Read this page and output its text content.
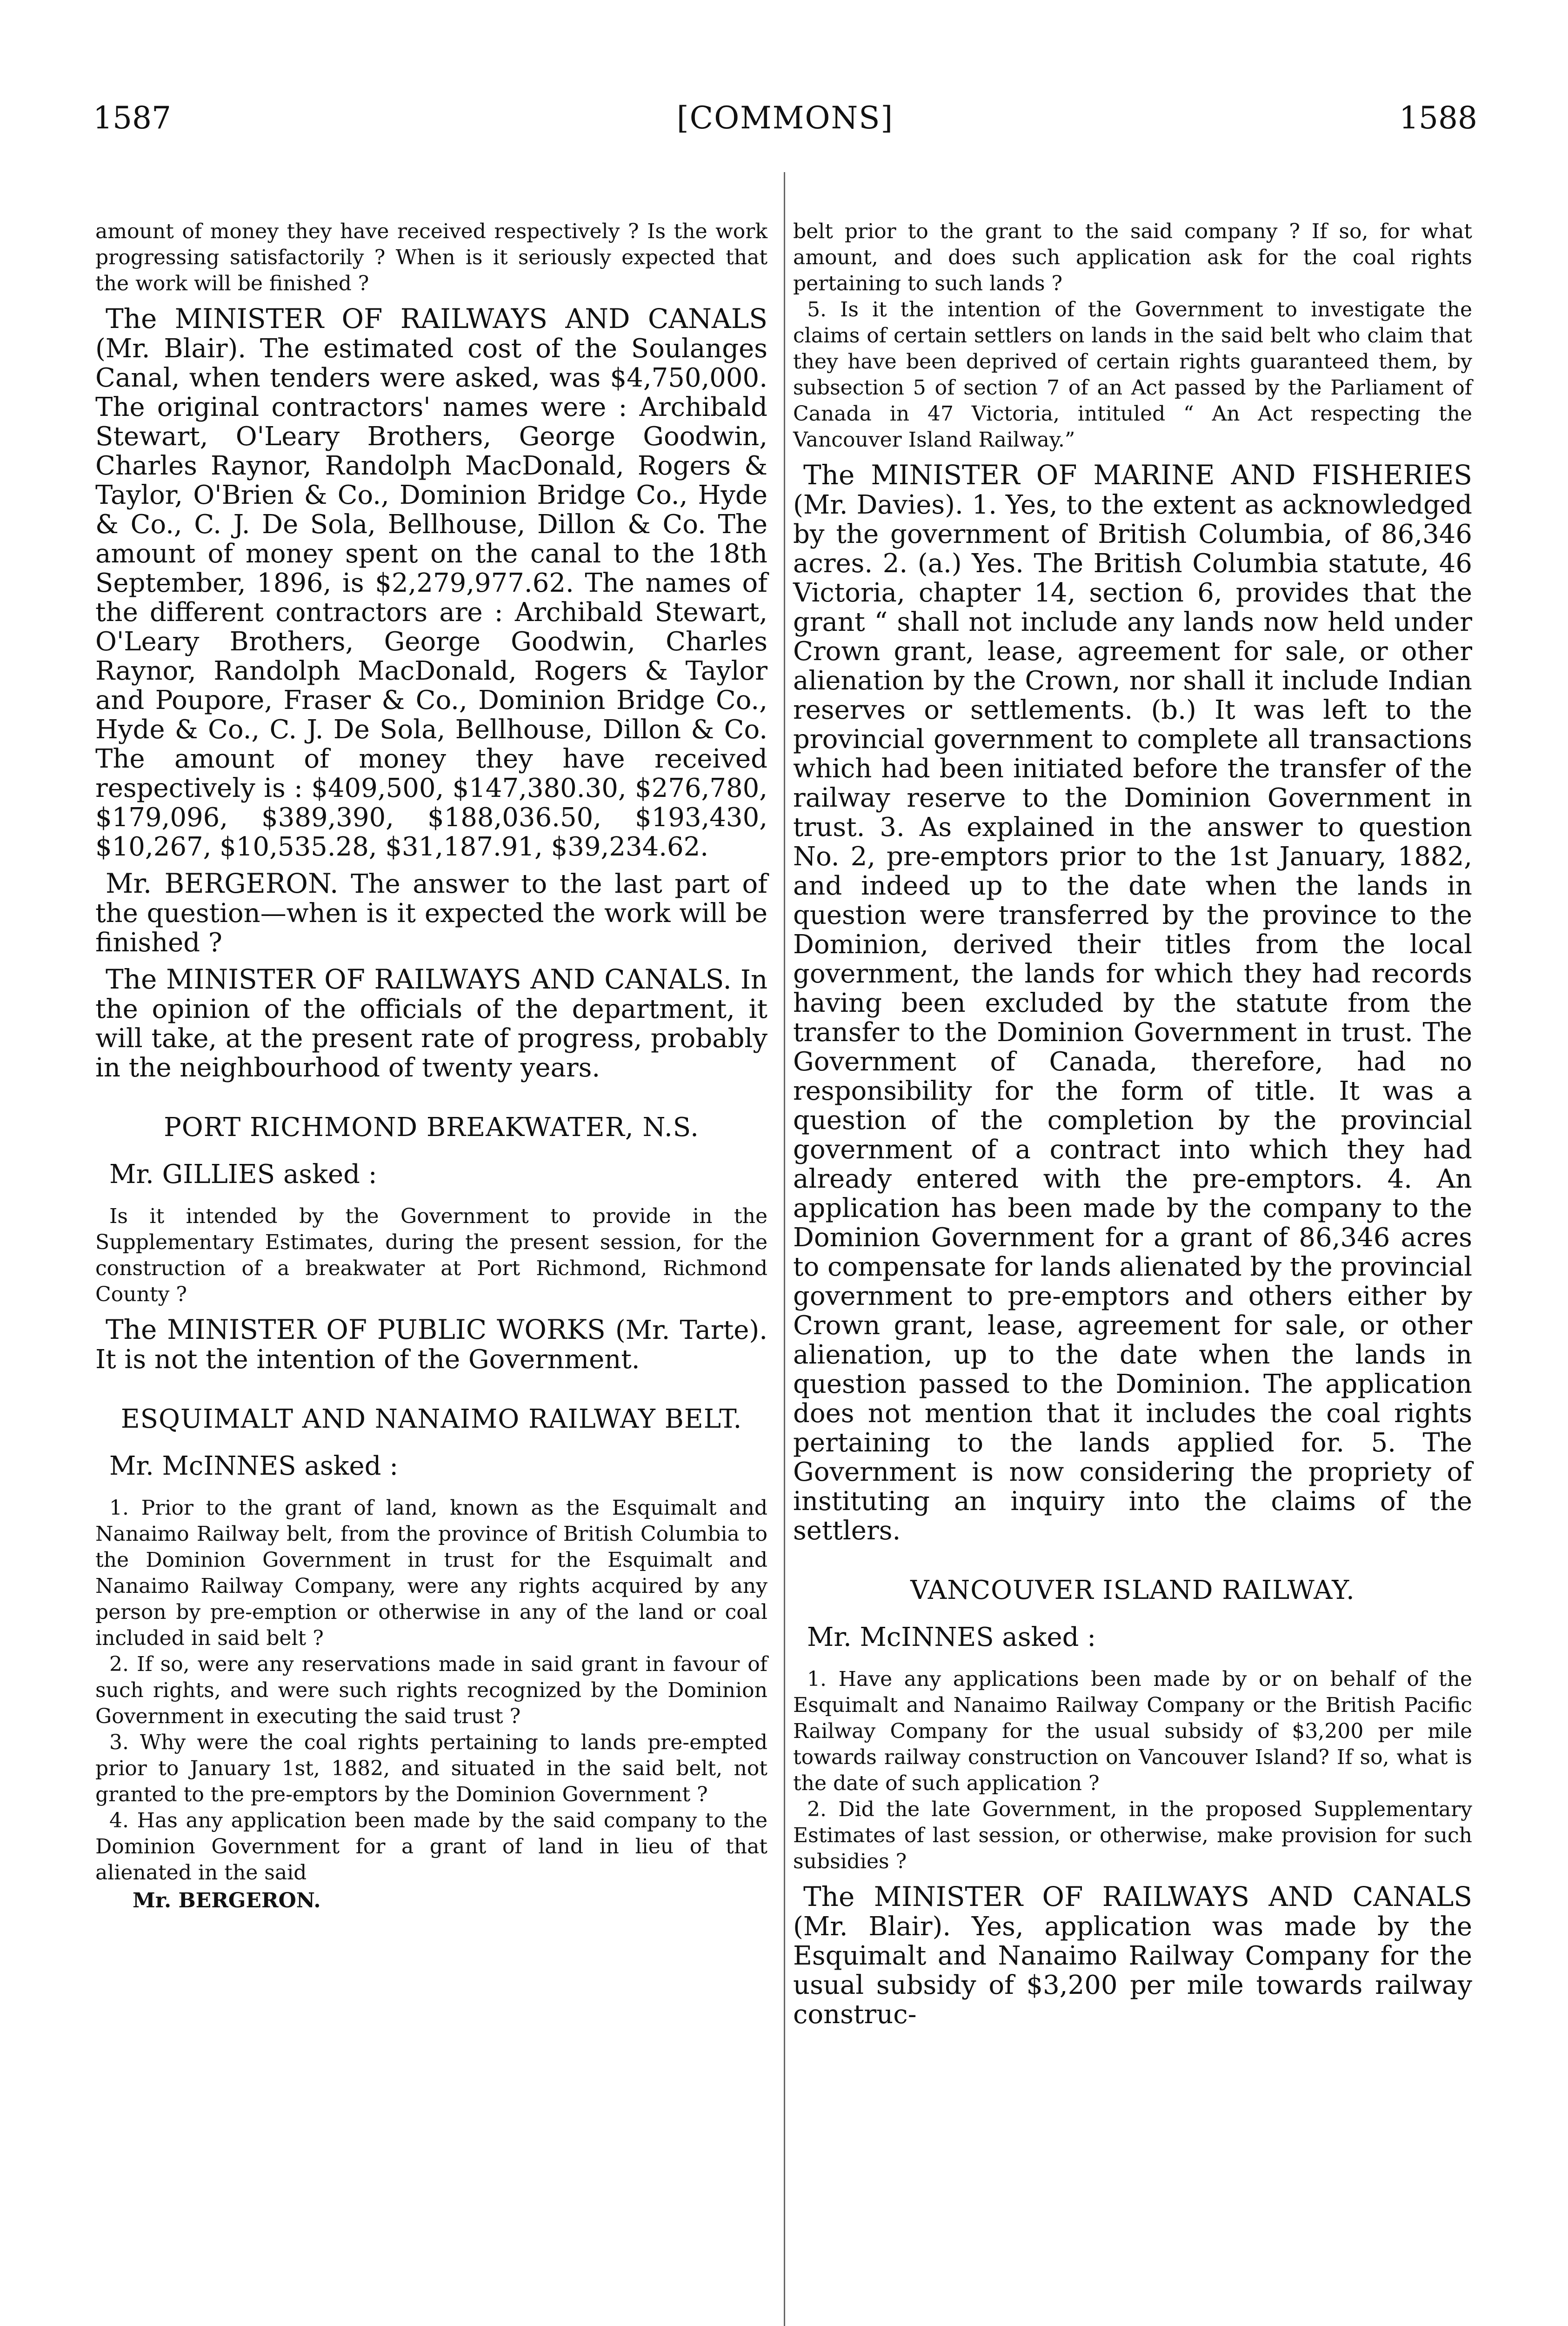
1587	[COMMONS]	1588

amount of money they have received respectively ? Is the work progressing satisfactorily ? When is it seriously expected that the work will be finished ?

The MINISTER OF RAILWAYS AND CANALS (Mr. Blair). The estimated cost of the Soulanges Canal, when tenders were asked, was $4,750,000. The original contractors' names were : Archibald Stewart, O'Leary Brothers, George Goodwin, Charles Raynor, Randolph MacDonald, Rogers & Taylor, O'Brien & Co., Dominion Bridge Co., Hyde & Co., C. J. De Sola, Bellhouse, Dillon & Co. The amount of money spent on the canal to the 18th September, 1896, is $2,279,977.62. The names of the different contractors are : Archibald Stewart, O'Leary Brothers, George Goodwin, Charles Raynor, Randolph MacDonald, Rogers & Taylor and Poupore, Fraser & Co., Dominion Bridge Co., Hyde & Co., C. J. De Sola, Bellhouse, Dillon & Co. The amount of money they have received respectively is : $409,500, $147,380.30, $276,780, $179,096, $389,390, $188,036.50, $193,430, $10,267, $10,535.28, $31,187.91, $39,234.62.

Mr. BERGERON. The answer to the last part of the question—when is it expected the work will be finished ?

The MINISTER OF RAILWAYS AND CANALS. In the opinion of the officials of the department, it will take, at the present rate of progress, probably in the neighbourhood of twenty years.

PORT RICHMOND BREAKWATER, N.S.
Mr. GILLIES asked :

Is it intended by the Government to provide in the Supplementary Estimates, during the present session, for the construction of a breakwater at Port Richmond, Richmond County ?

The MINISTER OF PUBLIC WORKS (Mr. Tarte). It is not the intention of the Government.

ESQUIMALT AND NANAIMO RAILWAY BELT.
Mr. McINNES asked :

1. Prior to the grant of land, known as the Esquimalt and Nanaimo Railway belt, from the province of British Columbia to the Dominion Government in trust for the Esquimalt and Nanaimo Railway Company, were any rights acquired by any person by pre-emption or otherwise in any of the land or coal included in said belt ?

2. If so, were any reservations made in said grant in favour of such rights, and were such rights recognized by the Dominion Government in executing the said trust ?

3. Why were the coal rights pertaining to lands pre-empted prior to January 1st, 1882, and situated in the said belt, not granted to the pre-emptors by the Dominion Government ?

4. Has any application been made by the said company to the Dominion Government for a grant of land in lieu of that alienated in the said

Mr. BERGERON.

belt prior to the grant to the said company ? If so, for what amount, and does such application ask for the coal rights pertaining to such lands ?

5. Is it the intention of the Government to investigate the claims of certain settlers on lands in the said belt who claim that they have been deprived of certain rights guaranteed them, by subsection 5 of section 7 of an Act passed by the Parliament of Canada in 47 Victoria, intituled “ An Act respecting the Vancouver Island Railway.”

The MINISTER OF MARINE AND FISHERIES (Mr. Davies). 1. Yes, to the extent as acknowledged by the government of British Columbia, of 86,346 acres. 2. (a.) Yes. The British Columbia statute, 46 Victoria, chapter 14, section 6, provides that the grant “ shall not include any lands now held under Crown grant, lease, agreement for sale, or other alienation by the Crown, nor shall it include Indian reserves or settlements. (b.) It was left to the provincial government to complete all transactions which had been initiated before the transfer of the railway reserve to the Dominion Government in trust. 3. As explained in the answer to question No. 2, pre-emptors prior to the 1st January, 1882, and indeed up to the date when the lands in question were transferred by the province to the Dominion, derived their titles from the local government, the lands for which they had records having been excluded by the statute from the transfer to the Dominion Government in trust. The Government of Canada, therefore, had no responsibility for the form of title. It was a question of the completion by the provincial government of a contract into which they had already entered with the pre-emptors. 4. An application has been made by the company to the Dominion Government for a grant of 86,346 acres to compensate for lands alienated by the provincial government to pre-emptors and others either by Crown grant, lease, agreement for sale, or other alienation, up to the date when the lands in question passed to the Dominion. The application does not mention that it includes the coal rights pertaining to the lands applied for. 5. The Government is now considering the propriety of instituting an inquiry into the claims of the settlers.

VANCOUVER ISLAND RAILWAY.
Mr. McINNES asked :

1. Have any applications been made by or on behalf of the Esquimalt and Nanaimo Railway Company or the British Pacific Railway Company for the usual subsidy of $3,200 per mile towards railway construction on Vancouver Island? If so, what is the date of such application ?

2. Did the late Government, in the proposed Supplementary Estimates of last session, or otherwise, make provision for such subsidies ?

The MINISTER OF RAILWAYS AND CANALS (Mr. Blair). Yes, application was made by the Esquimalt and Nanaimo Railway Company for the usual subsidy of $3,200 per mile towards railway construc-
